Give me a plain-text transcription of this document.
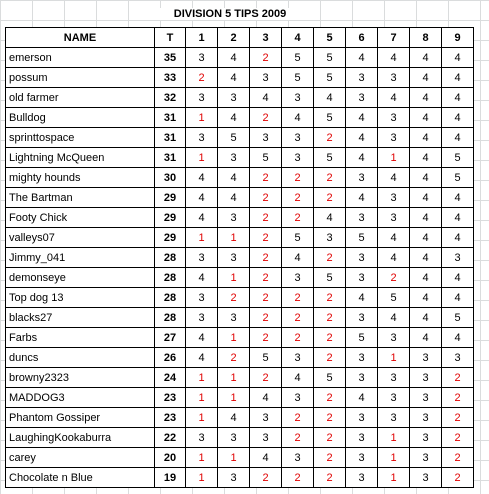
DIVISION 5 TIPS 2009
NAME	T	1	2	3	4	5	6	7	8	9
emerson	35	3	4	2	5	5	4	4	4	4
possum	33	2	4	3	5	5	3	3	4	4
old farmer	32	3	3	4	3	4	3	4	4	4
Bulldog	31	1	4	2	4	5	4	3	4	4
sprinttospace	31	3	5	3	3	2	4	3	4	4
Lightning McQueen	31	1	3	5	3	5	4	1	4	5
mighty hounds	30	4	4	2	2	2	3	4	4	5
The Bartman	29	4	4	2	2	2	4	3	4	4
Footy Chick	29	4	3	2	2	4	3	3	4	4
valleys07	29	1	1	2	5	3	5	4	4	4
Jimmy_041	28	3	3	2	4	2	3	4	4	3
demonseye	28	4	1	2	3	5	3	2	4	4
Top dog 13	28	3	2	2	2	2	4	5	4	4
blacks27	28	3	3	2	2	2	3	4	4	5
Farbs	27	4	1	2	2	2	5	3	4	4
duncs	26	4	2	5	3	2	3	1	3	3
browny2323	24	1	1	2	4	5	3	3	3	2
MADDOG3	23	1	1	4	3	2	4	3	3	2
Phantom Gossiper	23	1	4	3	2	2	3	3	3	2
LaughingKookaburra	22	3	3	3	2	2	3	1	3	2
carey	20	1	1	4	3	2	3	1	3	2
Chocolate n Blue	19	1	3	2	2	2	3	1	3	2
